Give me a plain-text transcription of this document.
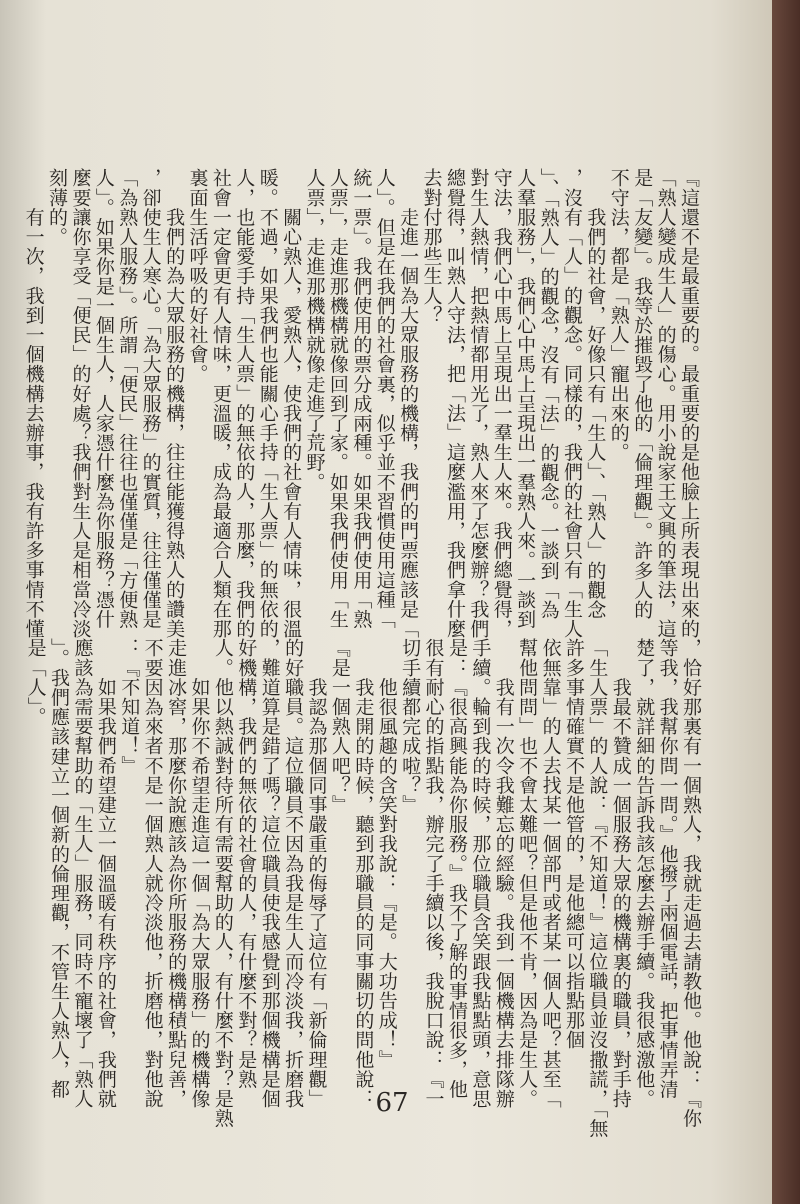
『這還不是最重要的。最重要的是他臉上所表現出來的
「熟人變成生人」的傷心。用小說家王文興的筆法，這
是「友變」。我等於摧毀了他的「倫理觀」。許多人的
不守法，都是「熟人」寵出來的。
　　我們的社會，好像只有「生人」、「熟人」的觀念
，沒有「人」的觀念。同樣的，我們的社會只有「生人
」、「熟人」的觀念，沒有「法」的觀念。一談到「為
人羣服務」，我們心中馬上呈現出一羣熟人來。一談到
守法，我們心中馬上呈現出一羣生人來。我們總覺得，
對生人熱情，把熱情都用光了，熟人來了怎麼辦？我們
總覺得，叫熟人守法，把「法」這麼濫用，我們拿什麼
去對付那些生人？
　　走進一個為大眾服務的機構，我們的門票應該是「
人」。但是在我們的社會裏，似乎並不習慣使用這種「
統一票」。我們使用的票分成兩種。如果我們使用「熟
人票」，走進那機構就像回到了家。如果我們使用「生
人票」，走進那機構就像走進了荒野。
　　關心熟人，愛熟人，使我們的社會有人情味，很溫
暖。不過，如果我們也能關心手持「生人票」的無依的
人，也能愛手持「生人票」的無依的人，那麼，我們的
社會一定會更有人情味，更溫暖，成為最適合人類在那
裏面生活呼吸的好社會。
　　我們的為大眾服務的機構，往往能獲得熟人的讚美
，卻使生人寒心。「為大眾服務」的實質，往往僅僅是
「為熟人服務」。所謂「便民」往往也僅僅是「方便熟
人」。如果你是一個生人，人家憑什麼為你服務？憑什
麼要讓你享受「便民」的好處？我們對生人是相當冷淡
刻薄的。
　　有一次，我到一個機構去辦事，我有許多事情不懂
，恰好那裏有一個熟人，我就走過去請教他。他說：『你
等我，我幫你問一問。』他撥了兩個電話，把事情弄清
楚了，就詳細的告訴我該怎麼去辦手續。我很感激他。
　　我最不贊成一個服務大眾的機構裏的職員，對手持
「生人票」的人說：『不知道！』這位職員並沒撒謊，「無
許多事情確實不是他管的，是他總可以指點那個
依無靠」的人去找某一個部門或者某一個人吧？甚至「
幫他問問」也不會太難吧？但是他不肯，因為是生人。
　　我有一次令我難忘的經驗。我到一個機構去排隊辦
手續。輪到我的時候，那位職員含笑跟我點點頭，意思
是：『很高興能為你服務。』我不了解的事情很多，他
很有耐心的指點我，辦完了手續以後，我脫口說：『一
切手續都完成啦？』
　　他很風趣的含笑對我說：『是。大功告成！』
　　我走開的時候，聽到那職員的同事關切的問他說：
『是一個熟人吧？』
　　我認為那個同事嚴重的侮辱了這位有「新倫理觀」
的好職員。這位職員不因為我是生人而冷淡我，折磨我
，難道算是錯了嗎？這位職員使我感覺到那個機構是個
好機構，我們的無依的社會的人，有什麼不對？是熟
人。他以熱誠對待所有需要幫助的人，有什麼不對？是熟
　　如果你不希望走進這一個「為大眾服務」的機構像
走進冰窖，那麼你說應該為你所服務的機構積點兒善，
不要因為來者不是一個熟人就冷淡他，折磨他，對他說
：『不知道！』
　　如果我們希望建立一個溫暖有秩序的社會，我們就
應該為需要幫助的「生人」服務，同時不寵壞了「熟人
」。我們應該建立一個新的倫理觀，不管生人熟人，都
是「人」。
67
